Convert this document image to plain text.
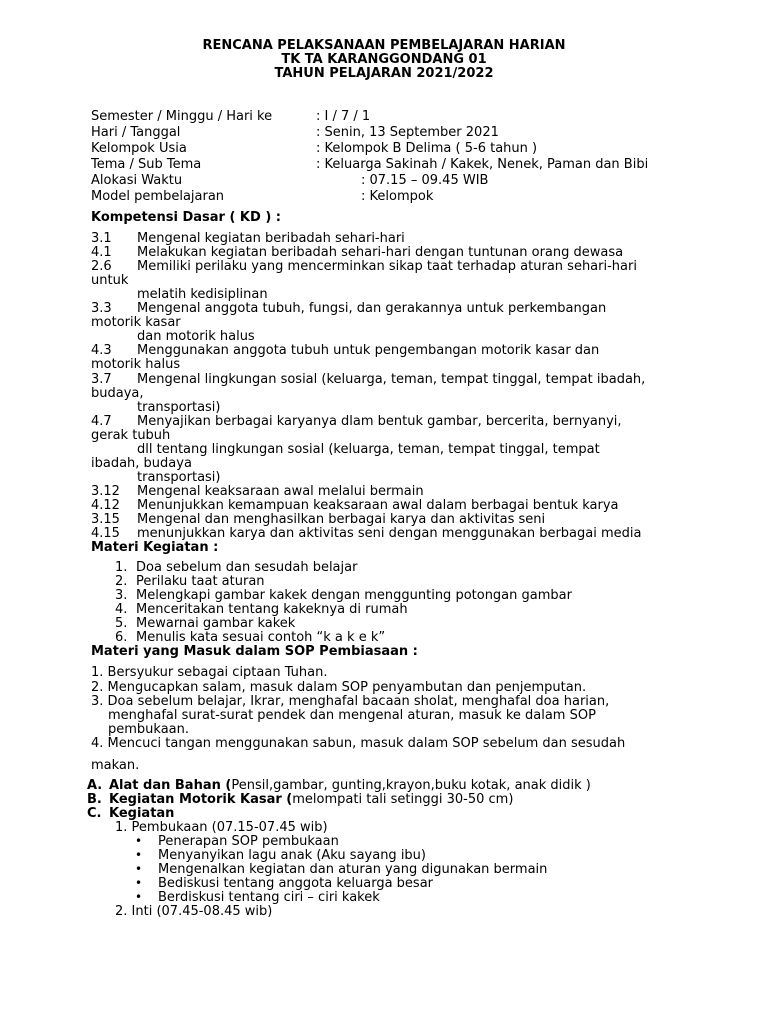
RENCANA PELAKSANAAN PEMBELAJARAN HARIAN
TK TA KARANGGONDANG 01
TAHUN PELAJARAN 2021/2022
Semester / Minggu / Hari ke	: I / 7 / 1
Hari / Tanggal	: Senin, 13 September 2021
Kelompok Usia	: Kelompok B Delima ( 5-6 tahun )
Tema / Sub Tema	: Keluarga Sakinah / Kakek, Nenek, Paman dan Bibi
Alokasi Waktu	: 07.15 – 09.45 WIB
Model pembelajaran	: Kelompok
Kompetensi Dasar ( KD ) :
3.1 Mengenal kegiatan beribadah sehari-hari
4.1 Melakukan kegiatan beribadah sehari-hari dengan tuntunan orang dewasa
2.6 Memiliki perilaku yang mencerminkan sikap taat terhadap aturan sehari-hari
untuk
melatih kedisiplinan
3.3 Mengenal anggota tubuh, fungsi, dan gerakannya untuk perkembangan
motorik kasar
dan motorik halus
4.3 Menggunakan anggota tubuh untuk pengembangan motorik kasar dan
motorik halus
3.7 Mengenal lingkungan sosial (keluarga, teman, tempat tinggal, tempat ibadah,
budaya,
transportasi)
4.7 Menyajikan berbagai karyanya dlam bentuk gambar, bercerita, bernyanyi,
gerak tubuh
dll tentang lingkungan sosial (keluarga, teman, tempat tinggal, tempat
ibadah, budaya
transportasi)
3.12 Mengenal keaksaraan awal melalui bermain
4.12 Menunjukkan kemampuan keaksaraan awal dalam berbagai bentuk karya
3.15 Mengenal dan menghasilkan berbagai karya dan aktivitas seni
4.15 menunjukkan karya dan aktivitas seni dengan menggunakan berbagai media
Materi Kegiatan :
1. Doa sebelum dan sesudah belajar
2. Perilaku taat aturan
3. Melengkapi gambar kakek dengan menggunting potongan gambar
4. Menceritakan tentang kakeknya di rumah
5. Mewarnai gambar kakek
6. Menulis kata sesuai contoh “k a k e k”
Materi yang Masuk dalam SOP Pembiasaan :
1. Bersyukur sebagai ciptaan Tuhan.
2. Mengucapkan salam, masuk dalam SOP penyambutan dan penjemputan.
3. Doa sebelum belajar, Ikrar, menghafal bacaan sholat, menghafal doa harian,
menghafal surat-surat pendek dan mengenal aturan, masuk ke dalam SOP
pembukaan.
4. Mencuci tangan menggunakan sabun, masuk dalam SOP sebelum dan sesudah
makan.
A. Alat dan Bahan (Pensil,gambar, gunting,krayon,buku kotak, anak didik )
B. Kegiatan Motorik Kasar (melompati tali setinggi 30-50 cm)
C. Kegiatan
1. Pembukaan (07.15-07.45 wib)
• Penerapan SOP pembukaan
• Menyanyikan lagu anak (Aku sayang ibu)
• Mengenalkan kegiatan dan aturan yang digunakan bermain
• Bediskusi tentang anggota keluarga besar
• Berdiskusi tentang ciri – ciri kakek
2. Inti (07.45-08.45 wib)
